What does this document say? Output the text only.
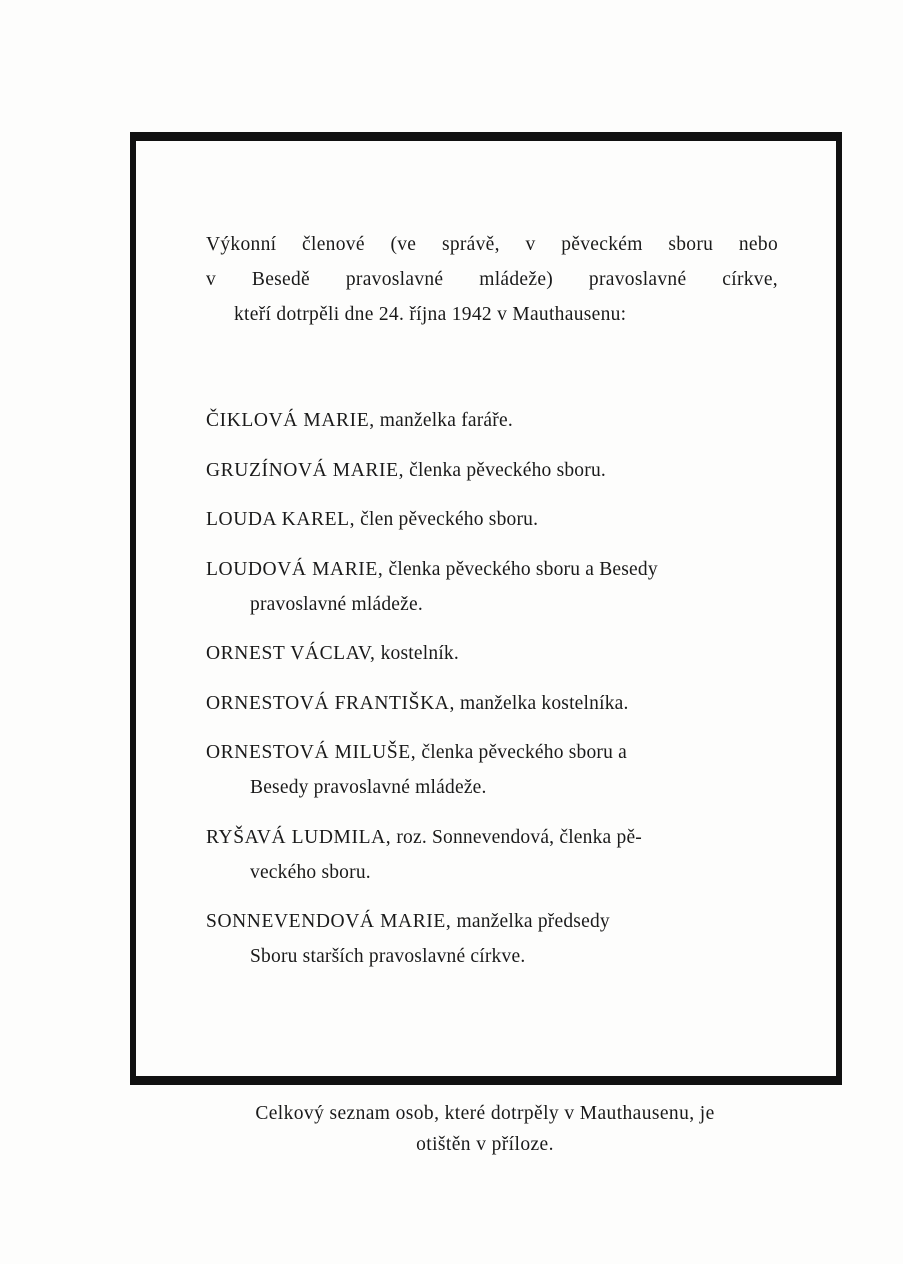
Výkonní členové (ve správě, v pěveckém sboru nebo
v Besedě pravoslavné mládeže) pravoslavné církve,
kteří dotrpěli dne 24. října 1942 v Mauthausenu:
ČIKLOVÁ MARIE, manželka faráře.
GRUZÍNOVÁ MARIE, členka pěveckého sboru.
LOUDA KAREL, člen pěveckého sboru.
LOUDOVÁ MARIE, členka pěveckého sboru a Besedy
pravoslavné mládeže.
ORNEST VÁCLAV, kostelník.
ORNESTOVÁ FRANTIŠKA, manželka kostelníka.
ORNESTOVÁ MILUŠE, členka pěveckého sboru a
Besedy pravoslavné mládeže.
RYŠAVÁ LUDMILA, roz. Sonnevendová, členka pě-
veckého sboru.
SONNEVENDOVÁ MARIE, manželka předsedy
Sboru starších pravoslavné církve.
Celkový seznam osob, které dotrpěly v Mauthausenu, je
otištěn v příloze.
